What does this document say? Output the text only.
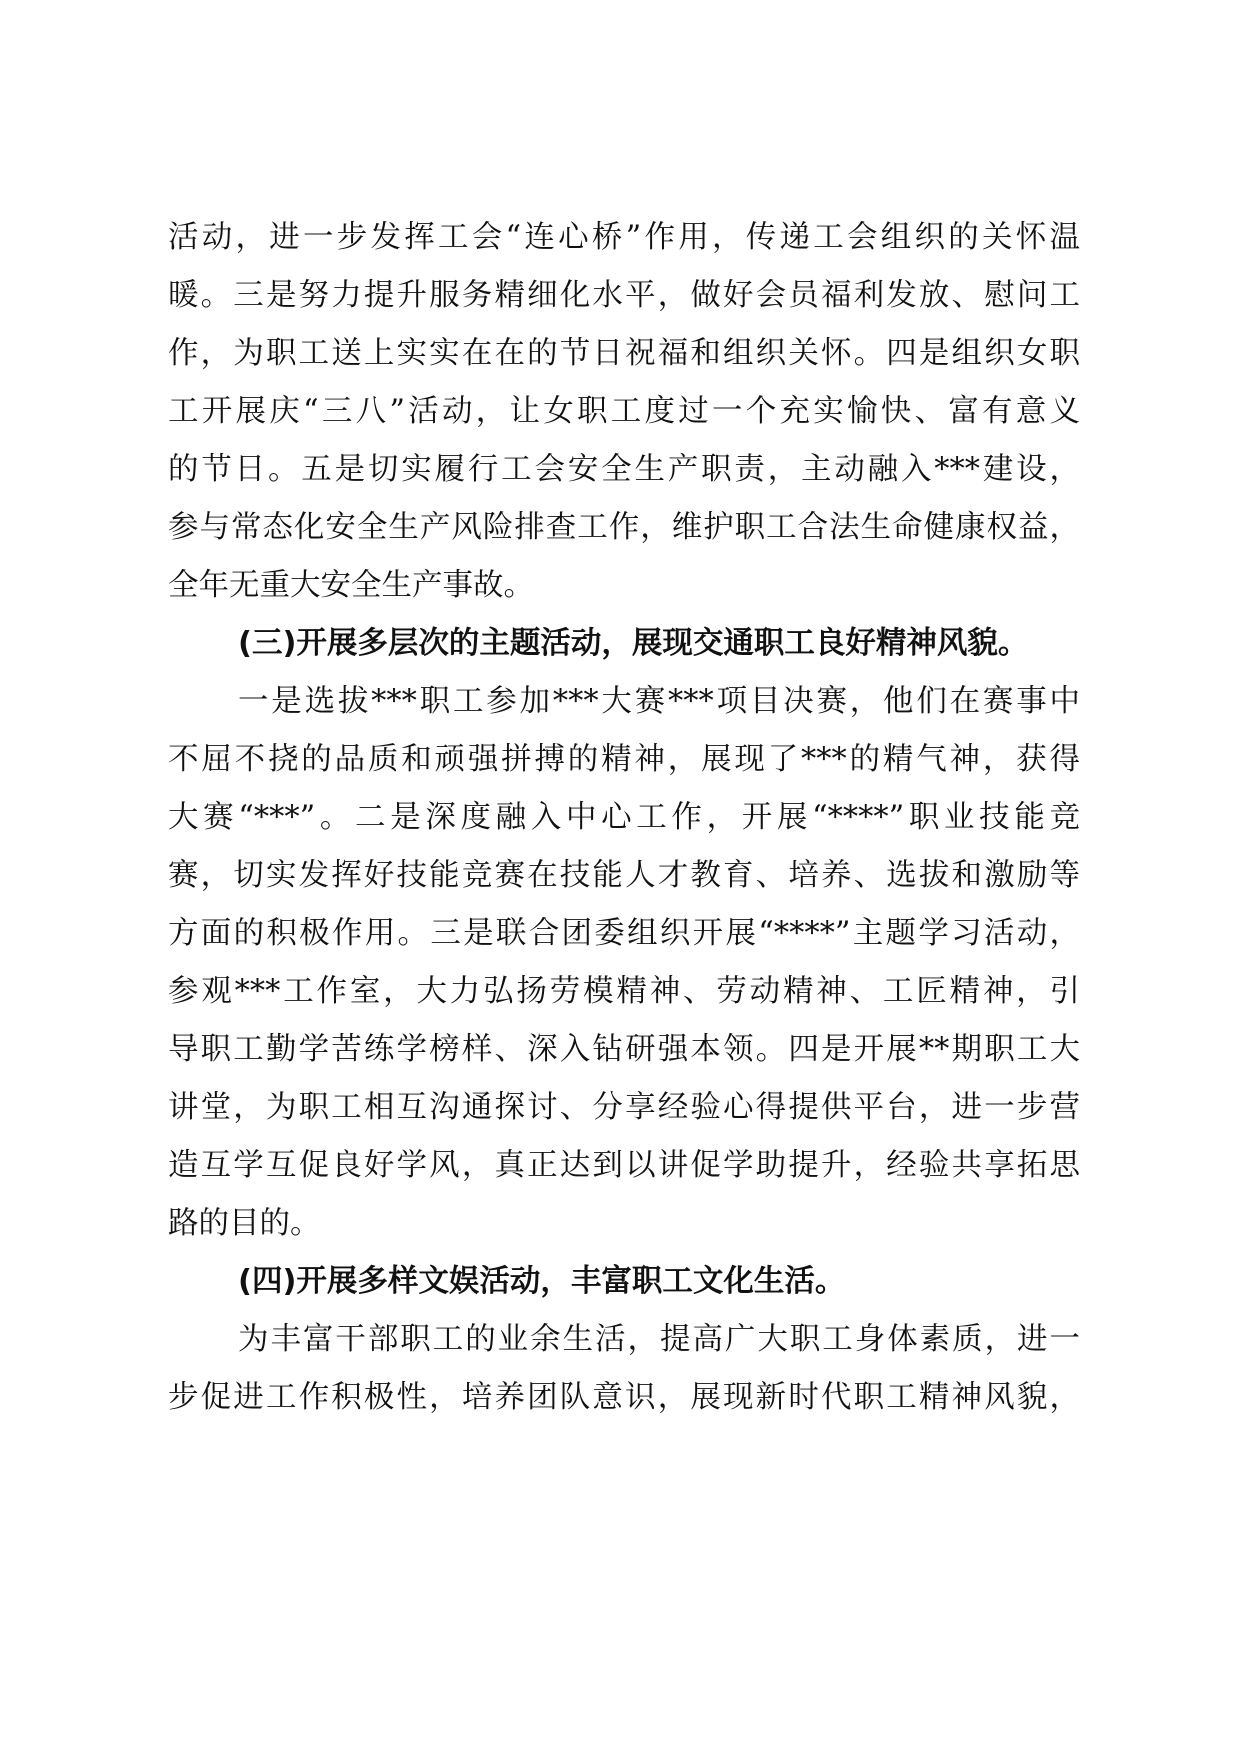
活动，进一步发挥工会“连心桥”作用，传递工会组织的关怀温
暖。三是努力提升服务精细化水平，做好会员福利发放、慰问工
作，为职工送上实实在在的节日祝福和组织关怀。四是组织女职
工开展庆“三八”活动，让女职工度过一个充实愉快、富有意义
的节日。五是切实履行工会安全生产职责，主动融入***建设，
参与常态化安全生产风险排查工作，维护职工合法生命健康权益，
全年无重大安全生产事故。
(三)开展多层次的主题活动，展现交通职工良好精神风貌。
一是选拔***职工参加***大赛***项目决赛，他们在赛事中
不屈不挠的品质和顽强拼搏的精神，展现了***的精气神，获得
大赛“***”。二是深度融入中心工作，开展“****”职业技能竞
赛，切实发挥好技能竞赛在技能人才教育、培养、选拔和激励等
方面的积极作用。三是联合团委组织开展“****”主题学习活动，
参观***工作室，大力弘扬劳模精神、劳动精神、工匠精神，引
导职工勤学苦练学榜样、深入钻研强本领。四是开展**期职工大
讲堂，为职工相互沟通探讨、分享经验心得提供平台，进一步营
造互学互促良好学风，真正达到以讲促学助提升，经验共享拓思
路的目的。
(四)开展多样文娱活动，丰富职工文化生活。
为丰富干部职工的业余生活，提高广大职工身体素质，进一
步促进工作积极性，培养团队意识，展现新时代职工精神风貌，
